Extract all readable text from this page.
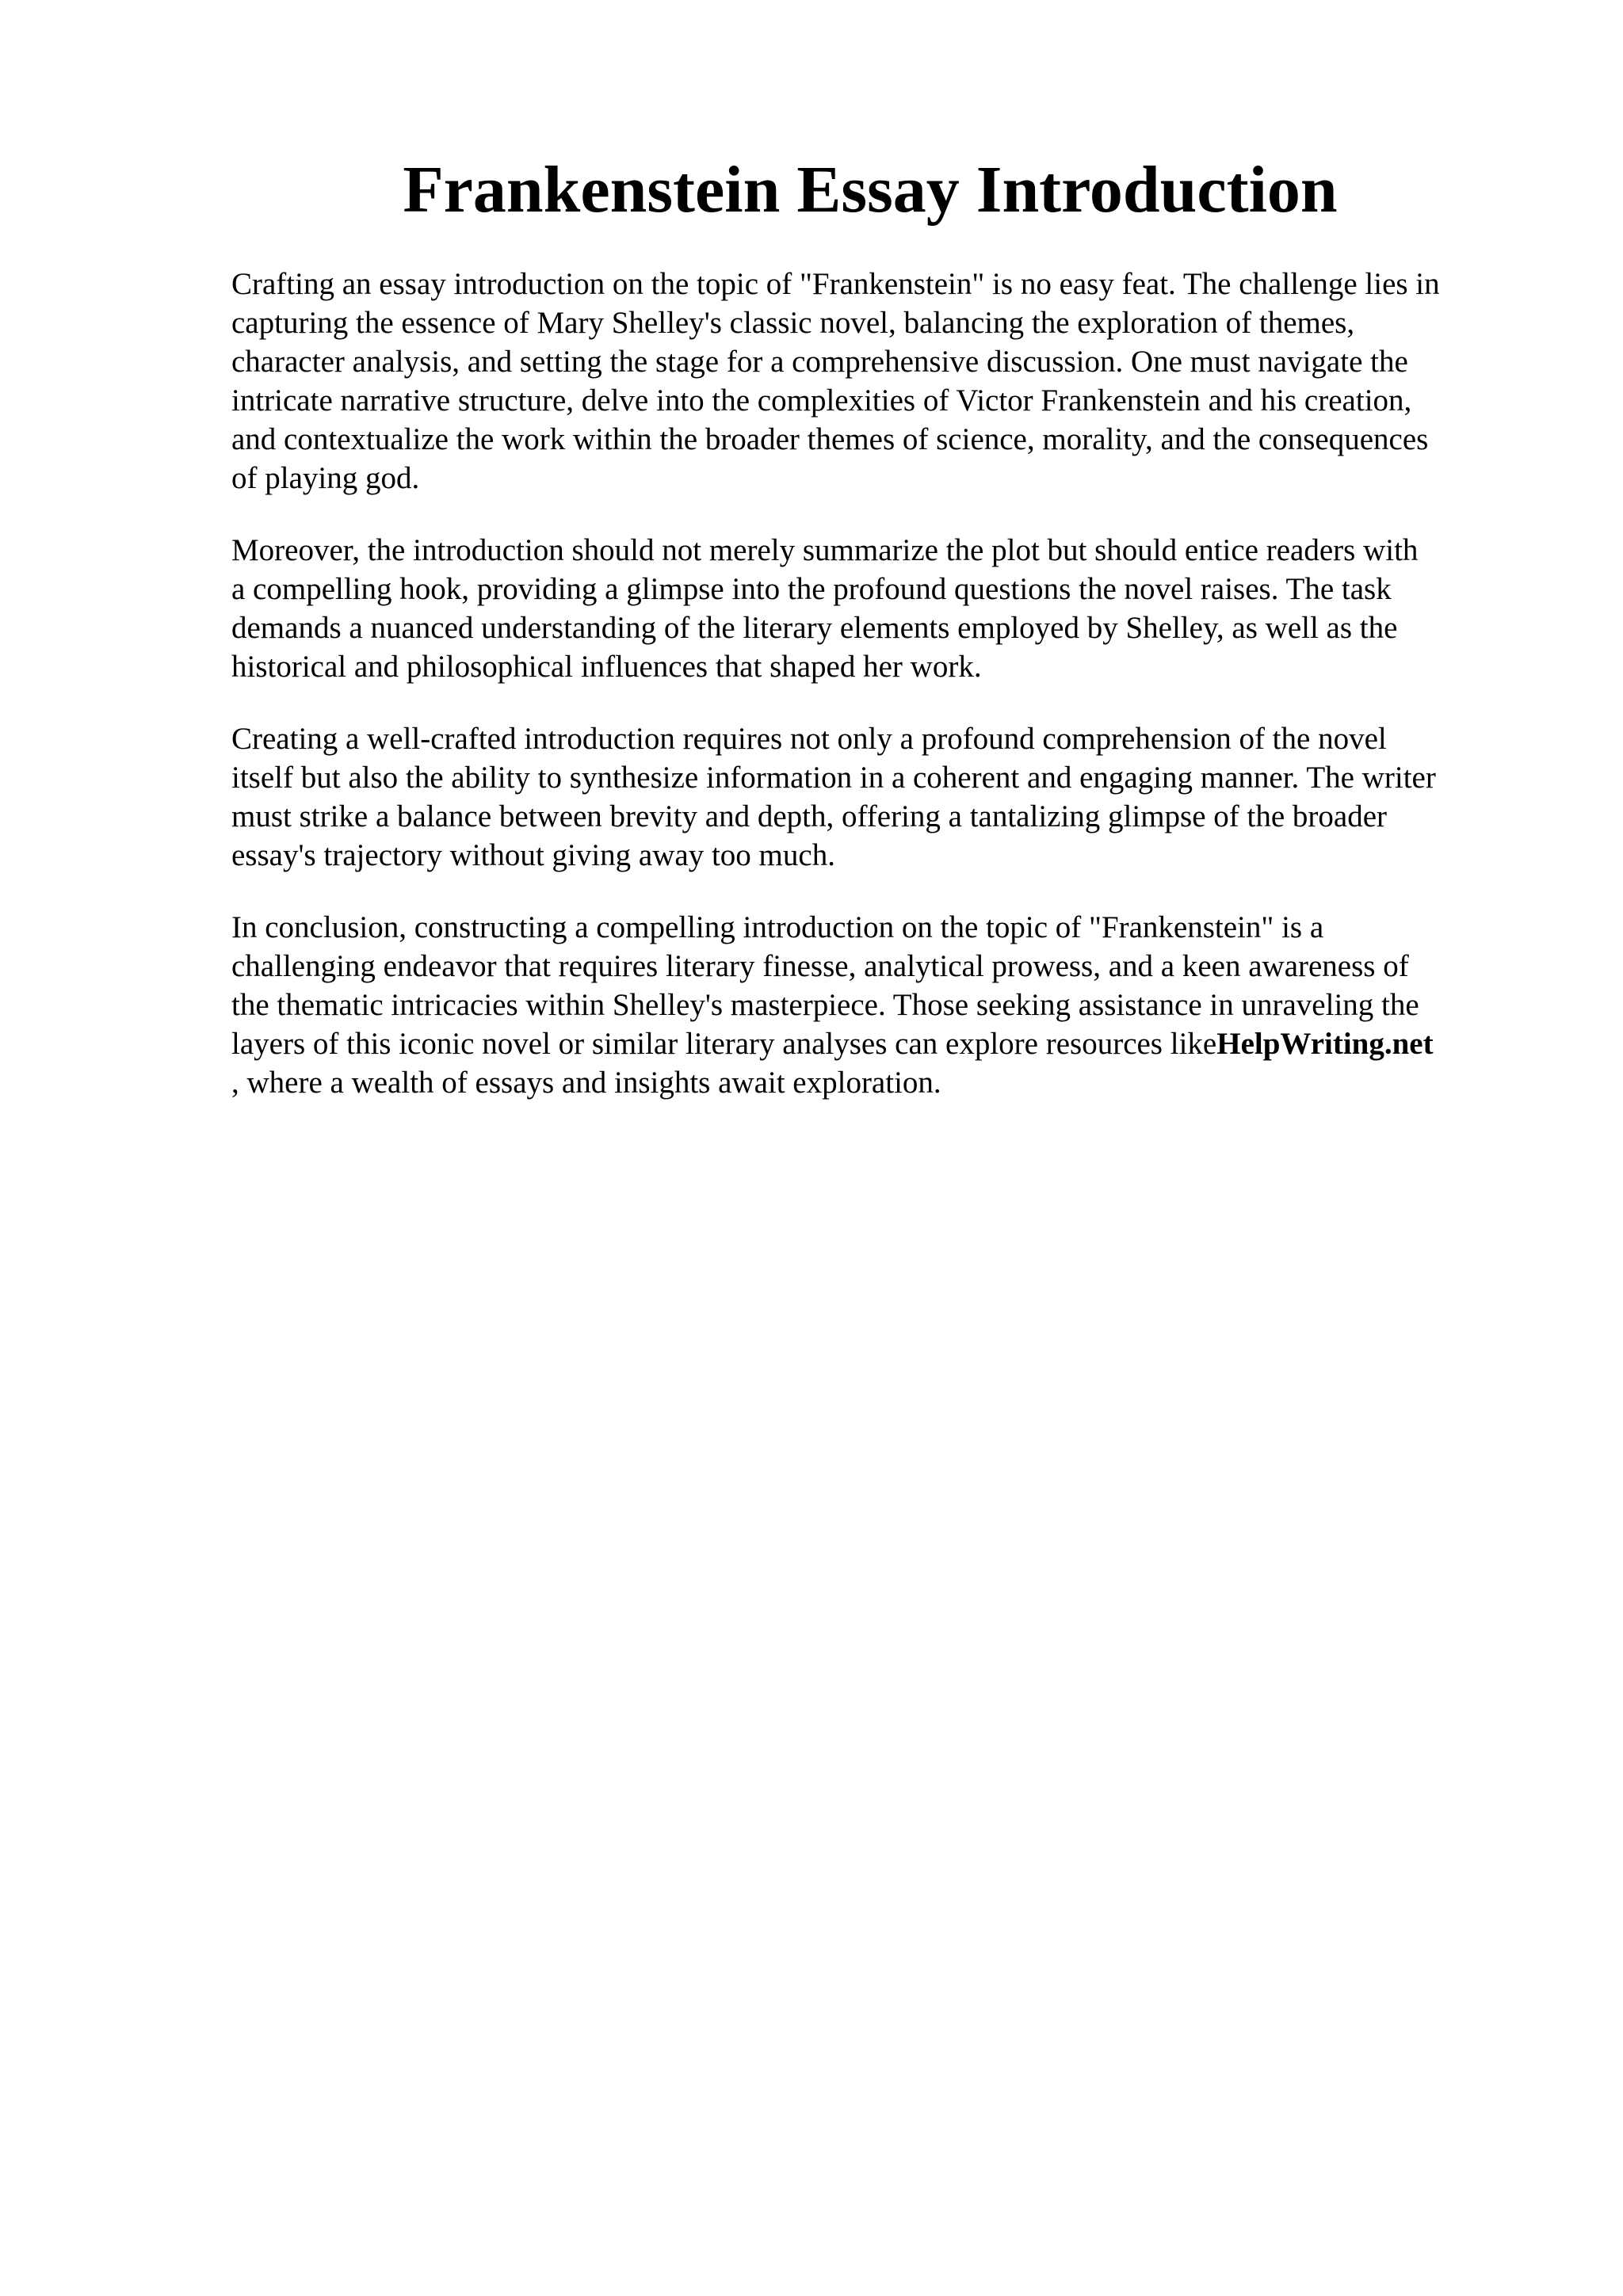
Frankenstein Essay Introduction

Crafting an essay introduction on the topic of "Frankenstein" is no easy feat. The challenge lies in
capturing the essence of Mary Shelley's classic novel, balancing the exploration of themes,
character analysis, and setting the stage for a comprehensive discussion. One must navigate the
intricate narrative structure, delve into the complexities of Victor Frankenstein and his creation,
and contextualize the work within the broader themes of science, morality, and the consequences
of playing god.

Moreover, the introduction should not merely summarize the plot but should entice readers with
a compelling hook, providing a glimpse into the profound questions the novel raises. The task
demands a nuanced understanding of the literary elements employed by Shelley, as well as the
historical and philosophical influences that shaped her work.

Creating a well-crafted introduction requires not only a profound comprehension of the novel
itself but also the ability to synthesize information in a coherent and engaging manner. The writer
must strike a balance between brevity and depth, offering a tantalizing glimpse of the broader
essay's trajectory without giving away too much.

In conclusion, constructing a compelling introduction on the topic of "Frankenstein" is a
challenging endeavor that requires literary finesse, analytical prowess, and a keen awareness of
the thematic intricacies within Shelley's masterpiece. Those seeking assistance in unraveling the
layers of this iconic novel or similar literary analyses can explore resources likeHelpWriting.net
, where a wealth of essays and insights await exploration.
